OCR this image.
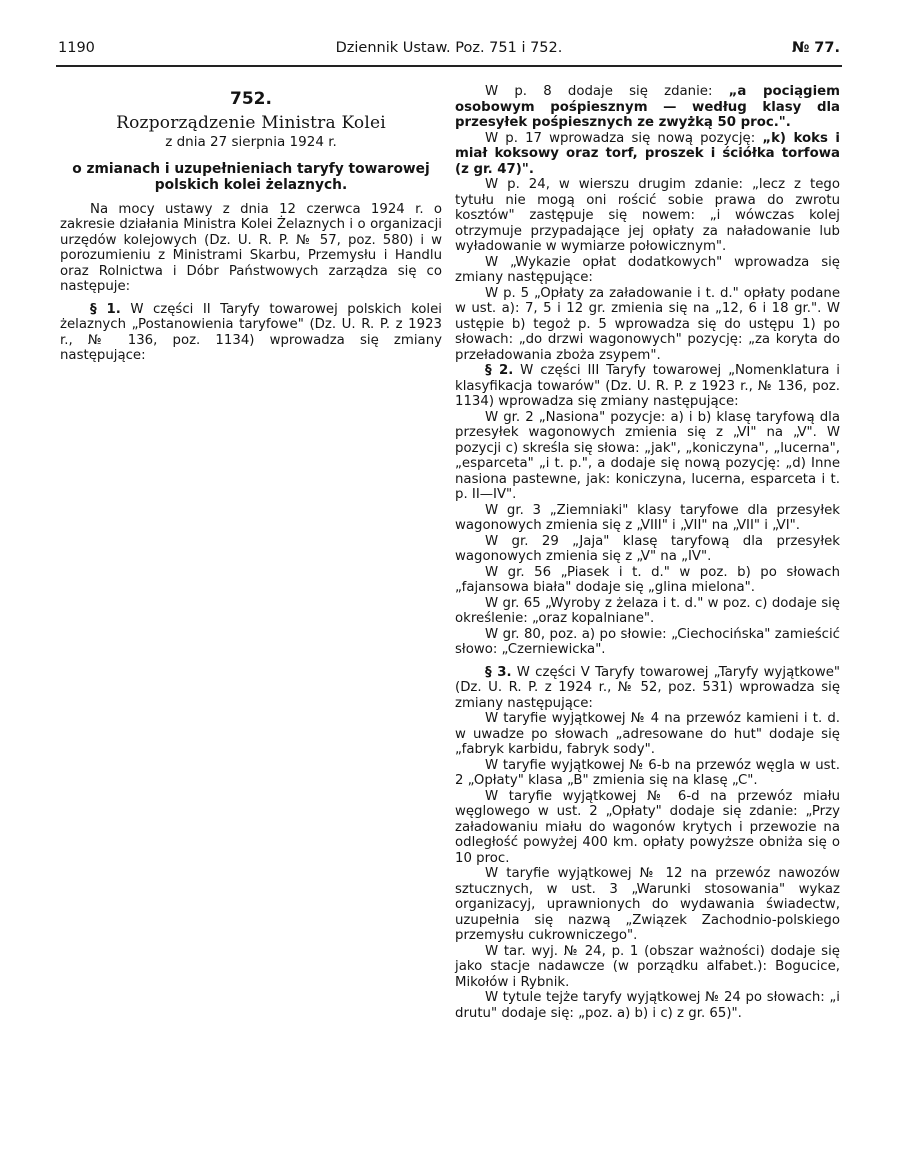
1190	Dziennik Ustaw. Poz. 751 i 752.	№ 77.
752.
Rozporządzenie Ministra Kolei
z dnia 27 sierpnia 1924 r.
o zmianach i uzupełnieniach taryfy towarowej polskich kolei żelaznych.

Na mocy ustawy z dnia 12 czerwca 1924 r. o zakresie działania Ministra Kolei Żelaznych i o organizacji urzędów kolejowych (Dz. U. R. P. № 57, poz. 580) i w porozumieniu z Ministrami Skarbu, Przemysłu i Handlu oraz Rolnictwa i Dóbr Państwowych zarządza się co następuje:

§ 1. W części II Taryfy towarowej polskich kolei żelaznych „Postanowienia taryfowe" (Dz. U. R. P. z 1923 r., № 136, poz. 1134) wprowadza się zmiany następujące:

W p. 8 dodaje się zdanie: „a pociągiem osobowym pośpiesznym — według klasy dla przesyłek pośpiesznych ze zwyżką 50 proc.".

W p. 17 wprowadza się nową pozycję: „k) koks i miał koksowy oraz torf, proszek i ściółka torfowa (z gr. 47)".

W p. 24, w wierszu drugim zdanie: „lecz z tego tytułu nie mogą oni rościć sobie prawa do zwrotu kosztów" zastępuje się nowem: „i wówczas kolej otrzymuje przypadające jej opłaty za naładowanie lub wyładowanie w wymiarze połowicznym".

W „Wykazie opłat dodatkowych" wprowadza się zmiany następujące:

W p. 5 „Opłaty za załadowanie i t. d." opłaty podane w ust. a): 7, 5 i 12 gr. zmienia się na „12, 6 i 18 gr.". W ustępie b) tegoż p. 5 wprowadza się do ustępu 1) po słowach: „do drzwi wagonowych" pozycję: „za koryta do przeładowania zboża zsypem".

§ 2. W części III Taryfy towarowej „Nomenklatura i klasyfikacja towarów" (Dz. U. R. P. z 1923 r., № 136, poz. 1134) wprowadza się zmiany następujące:

W gr. 2 „Nasiona" pozycje: a) i b) klasę taryfową dla przesyłek wagonowych zmienia się z „VI" na „V". W pozycji c) skreśla się słowa: „jak", „koniczyna", „lucerna", „esparceta" „i t. p.", a dodaje się nową pozycję: „d) Inne nasiona pastewne, jak: koniczyna, lucerna, esparceta i t. p. II—IV".

W gr. 3 „Ziemniaki" klasy taryfowe dla przesyłek wagonowych zmienia się z „VIII" i „VII" na „VII" i „VI".

W gr. 29 „Jaja" klasę taryfową dla przesyłek wagonowych zmienia się z „V" na „IV".

W gr. 56 „Piasek i t. d." w poz. b) po słowach „fajansowa biała" dodaje się „glina mielona".

W gr. 65 „Wyroby z żelaza i t. d." w poz. c) dodaje się określenie: „oraz kopalniane".

W gr. 80, poz. a) po słowie: „Ciechocińska" zamieścić słowo: „Czerniewicka".

§ 3. W części V Taryfy towarowej „Taryfy wyjątkowe" (Dz. U. R. P. z 1924 r., № 52, poz. 531) wprowadza się zmiany następujące:

W taryfie wyjątkowej № 4 na przewóz kamieni i t. d. w uwadze po słowach „adresowane do hut" dodaje się „fabryk karbidu, fabryk sody".

W taryfie wyjątkowej № 6-b na przewóz węgla w ust. 2 „Opłaty" klasa „B" zmienia się na klasę „C".

W taryfie wyjątkowej № 6-d na przewóz miału węglowego w ust. 2 „Opłaty" dodaje się zdanie: „Przy załadowaniu miału do wagonów krytych i przewozie na odległość powyżej 400 km. opłaty powyższe obniża się o 10 proc.

W taryfie wyjątkowej № 12 na przewóz nawozów sztucznych, w ust. 3 „Warunki stosowania" wykaz organizacyj, uprawnionych do wydawania świadectw, uzupełnia się nazwą „Związek Zachodnio-polskiego przemysłu cukrowniczego".

W tar. wyj. № 24, p. 1 (obszar ważności) dodaje się jako stacje nadawcze (w porządku alfabet.): Bogucice, Mikołów i Rybnik.

W tytule tejże taryfy wyjątkowej № 24 po słowach: „i drutu" dodaje się: „poz. a) b) i c) z gr. 65)".
